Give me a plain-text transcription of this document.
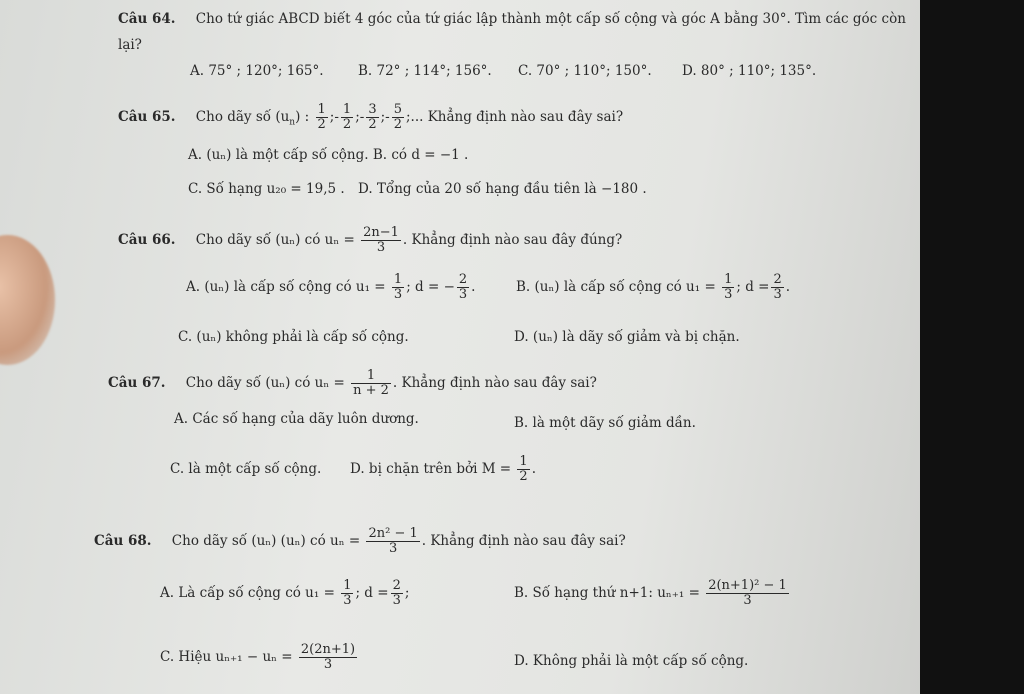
Câu 64. Cho tứ giác ABCD biết 4 góc của tứ giác lập thành một cấp số cộng và góc A bằng 30°. Tìm các góc còn
lại?
A. 75° ; 120°; 165°.	B. 72° ; 114°; 156°. C. 70° ; 110°; 150°. D. 80° ; 110°; 135°.
Câu 65. Cho dãy số $(u_n)$ : $\frac{1}{2}$ ;- $\frac{1}{2}$ ;- $\frac{3}{2}$ ;- $\frac{5}{2}$ ;... Khẳng định nào sau đây sai?
A. (uₙ) là một cấp số cộng. B. có d = −1 .
C. Số hạng u₂₀ = 19,5 . D. Tổng của 20 số hạng đầu tiên là −180 .
Câu 66. Cho dãy số (uₙ) có $u_n = \frac{2n-1}{3}$ . Khẳng định nào sau đây đúng?
A. (uₙ) là cấp số cộng có $u_1 = \frac{1}{3}$ ; d = − $\frac{2}{3}$ .	B. (uₙ) là cấp số cộng có $u_1 = \frac{1}{3}$ ; $d = \frac{2}{3}$ .
C. (uₙ) không phải là cấp số cộng.	D. (uₙ) là dãy số giảm và bị chặn.
Câu 67. Cho dãy số (uₙ) có $u_n = \frac{1}{n + 2}$ . Khẳng định nào sau đây sai?
A. Các số hạng của dãy luôn dương.	B. là một dãy số giảm dần.
C. là một cấp số cộng. D. bị chặn trên bởi $M = \frac{1}{2}$ .
Câu 68. Cho dãy số (uₙ) (uₙ) có $u_n = \frac{\text{2n² − 1}}{3}$ . Khẳng định nào sau đây sai?
A. Là cấp số cộng có $u_1 = \frac{1}{3}$ ; $d = \frac{2}{3}$ ;	B. Số hạng thứ n+1: $u_{n+1} = \frac{\text{2(n+1)² − 1}}{3}$
C. Hiệu $u_{n+1} - u_n = \frac{2(2n+1)}{3}$	D. Không phải là một cấp số cộng.
